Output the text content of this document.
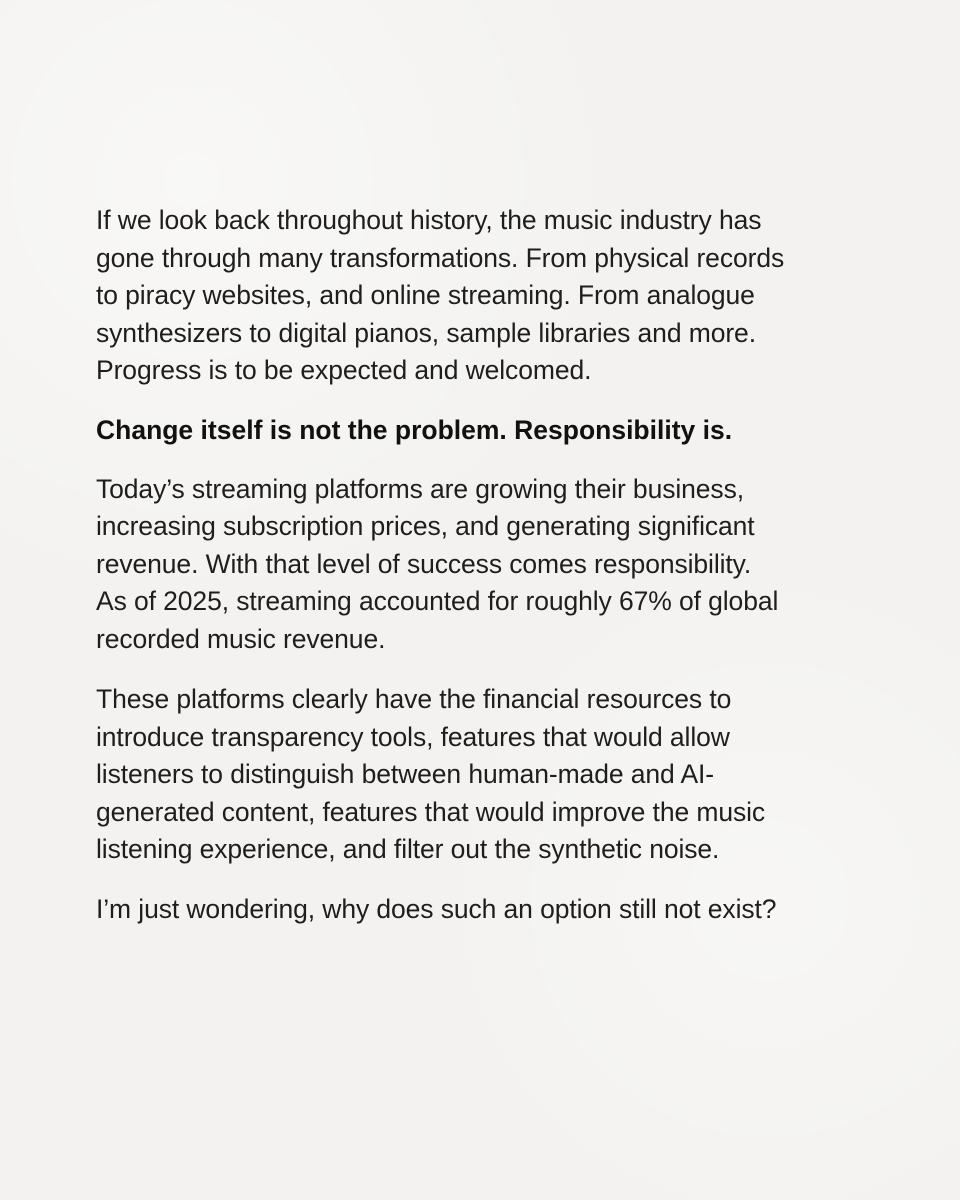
If we look back throughout history, the music industry has
gone through many transformations. From physical records
to piracy websites, and online streaming. From analogue
synthesizers to digital pianos, sample libraries and more.
Progress is to be expected and welcomed.

Change itself is not the problem. Responsibility is.

Today’s streaming platforms are growing their business,
increasing subscription prices, and generating significant
revenue. With that level of success comes responsibility.
As of 2025, streaming accounted for roughly 67% of global
recorded music revenue.

These platforms clearly have the financial resources to
introduce transparency tools, features that would allow
listeners to distinguish between human-made and AI-
generated content, features that would improve the music
listening experience, and filter out the synthetic noise.

I’m just wondering, why does such an option still not exist?
